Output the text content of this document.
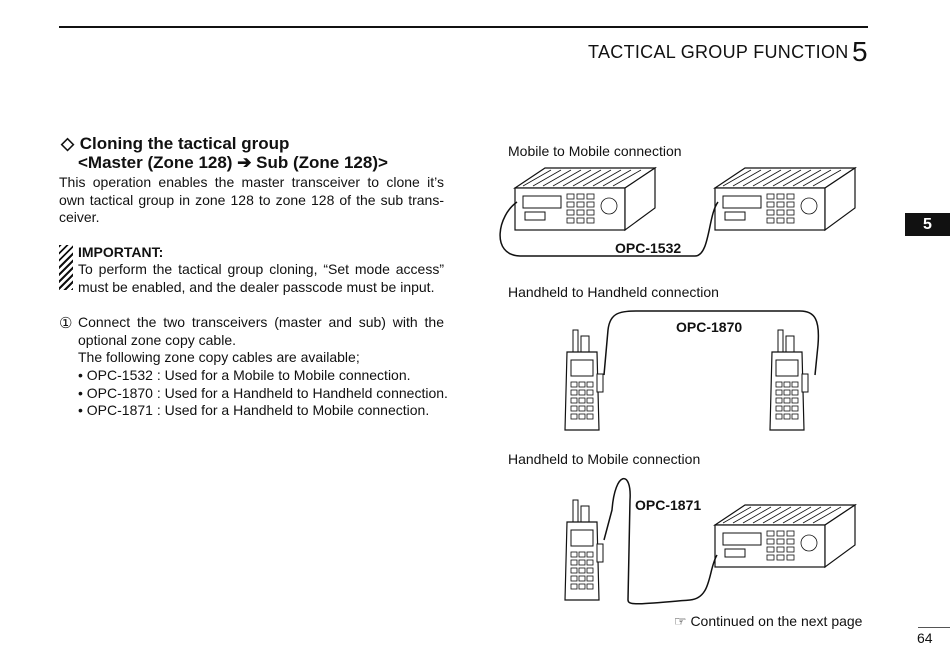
TACTICAL GROUP FUNCTION 5
5
◇ Cloning the tactical group
<Master (Zone 128) ➔ Sub (Zone 128)>
This operation enables the master transceiver to clone it’s own tactical group in zone 128 to zone 128 of the sub trans-ceiver.
IMPORTANT:
To perform the tactical group cloning, “Set mode access” must be enabled, and the dealer passcode must be input.
① Connect the two transceivers (master and sub) with the optional zone copy cable.
The following zone copy cables are available;
• OPC-1532 : Used for a Mobile to Mobile connection.
• OPC-1870 : Used for a Handheld to Handheld connection.
• OPC-1871 : Used for a Handheld to Mobile connection.
Mobile to Mobile connection
Handheld to Handheld connection
Handheld to Mobile connection
OPC-1532
OPC-1870
OPC-1871
☞ Continued on the next page
64
